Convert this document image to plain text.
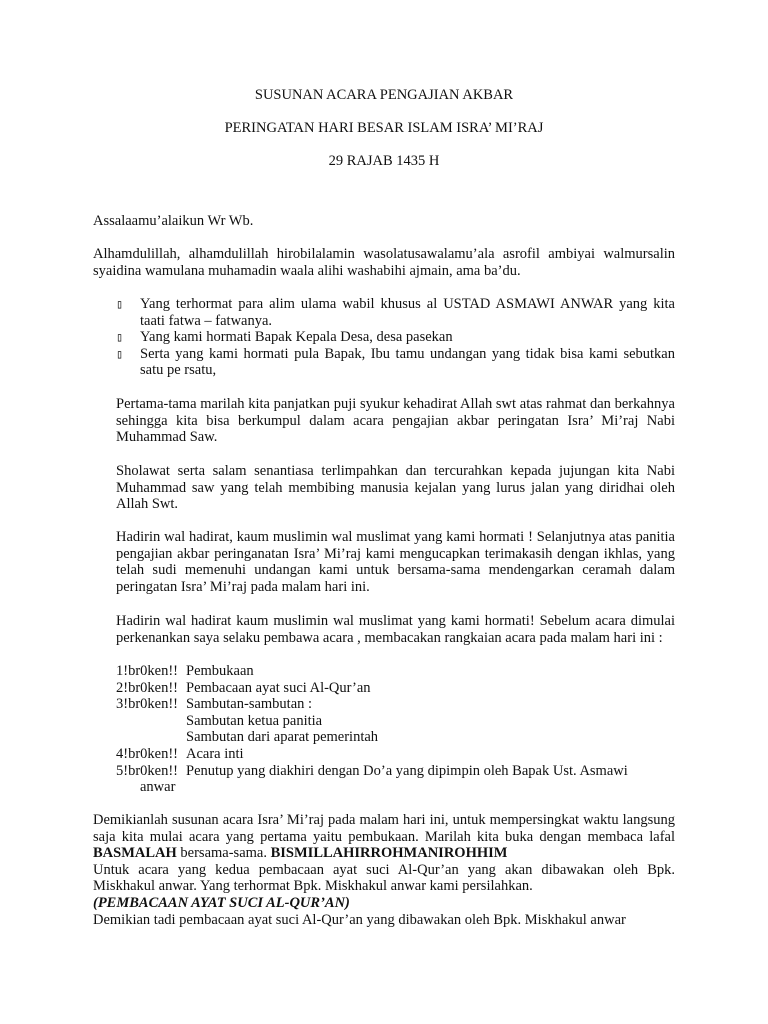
SUSUNAN ACARA PENGAJIAN AKBAR
PERINGATAN HARI BESAR ISLAM ISRA’ MI’RAJ
29 RAJAB 1435 H
Assalaamu’alaikun Wr Wb.
Alhamdulillah, alhamdulillah hirobilalamin wasolatusawalamu’ala asrofil ambiyai walmursalin syaidina wamulana muhamadin waala alihi washabihi ajmain, ama ba’du.
▯ Yang terhormat para alim ulama wabil khusus al USTAD ASMAWI ANWAR yang kita taati fatwa – fatwanya.
▯ Yang kami hormati Bapak Kepala Desa, desa pasekan
▯ Serta yang kami hormati pula Bapak, Ibu tamu undangan yang tidak bisa kami sebutkan satu pe rsatu,
Pertama-tama marilah kita panjatkan puji syukur kehadirat Allah swt atas rahmat dan berkahnya sehingga kita bisa berkumpul dalam acara pengajian akbar peringatan Isra’ Mi’raj Nabi Muhammad Saw.
Sholawat serta salam senantiasa terlimpahkan dan tercurahkan kepada jujungan kita Nabi Muhammad saw yang telah membibing manusia kejalan yang lurus jalan yang diridhai oleh Allah Swt.
Hadirin wal hadirat, kaum muslimin wal muslimat yang kami hormati ! Selanjutnya atas panitia pengajian akbar peringanatan Isra’ Mi’raj kami mengucapkan terimakasih dengan ikhlas, yang telah sudi memenuhi undangan kami untuk bersama-sama mendengarkan ceramah dalam peringatan Isra’ Mi’raj pada malam hari ini.
Hadirin wal hadirat kaum muslimin wal muslimat yang kami hormati! Sebelum acara dimulai perkenankan saya selaku pembawa acara , membacakan rangkaian acara pada malam hari ini :
1!br0ken!! Pembukaan
2!br0ken!! Pembacaan ayat suci Al-Qur’an
3!br0ken!! Sambutan-sambutan :
Sambutan ketua panitia
Sambutan dari aparat pemerintah
4!br0ken!! Acara inti
5!br0ken!! Penutup yang diakhiri dengan Do’a yang dipimpin oleh Bapak Ust. Asmawi
anwar
Demikianlah susunan acara Isra’ Mi’raj pada malam hari ini, untuk mempersingkat waktu langsung saja kita mulai acara yang pertama yaitu pembukaan. Marilah kita buka dengan membaca lafal BASMALAH bersama-sama. BISMILLAHIRROHMANIROHHIM
Untuk acara yang kedua pembacaan ayat suci Al-Qur’an yang akan dibawakan oleh Bpk. Miskhakul anwar. Yang terhormat Bpk. Miskhakul anwar kami persilahkan.
(PEMBACAAN AYAT SUCI AL-QUR’AN)
Demikian tadi pembacaan ayat suci Al-Qur’an yang dibawakan oleh Bpk. Miskhakul anwar
